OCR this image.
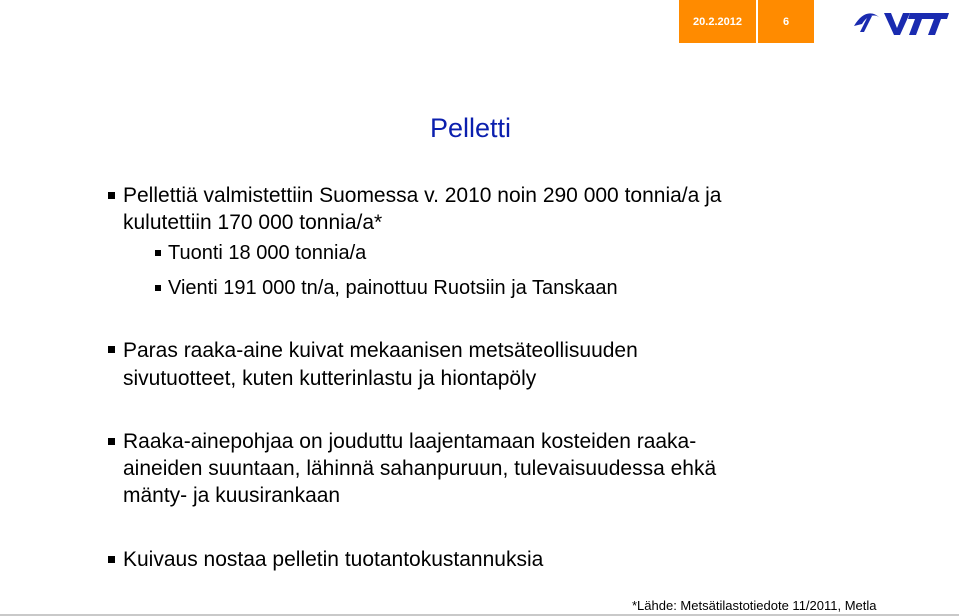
20.2.2012	6
Pelletti
Pellettiä valmistettiin Suomessa v. 2010 noin 290 000 tonnia/a ja
kulutettiin 170 000 tonnia/a*
Tuonti 18 000 tonnia/a
Vienti 191 000 tn/a, painottuu Ruotsiin ja Tanskaan
Paras raaka-aine kuivat mekaanisen metsäteollisuuden
sivutuotteet, kuten kutterinlastu ja hiontapöly
Raaka-ainepohjaa on jouduttu laajentamaan kosteiden raaka-
aineiden suuntaan, lähinnä sahanpuruun, tulevaisuudessa ehkä
mänty- ja kuusirankaan
Kuivaus nostaa pelletin tuotantokustannuksia
*Lähde: Metsätilastotiedote 11/2011, Metla
